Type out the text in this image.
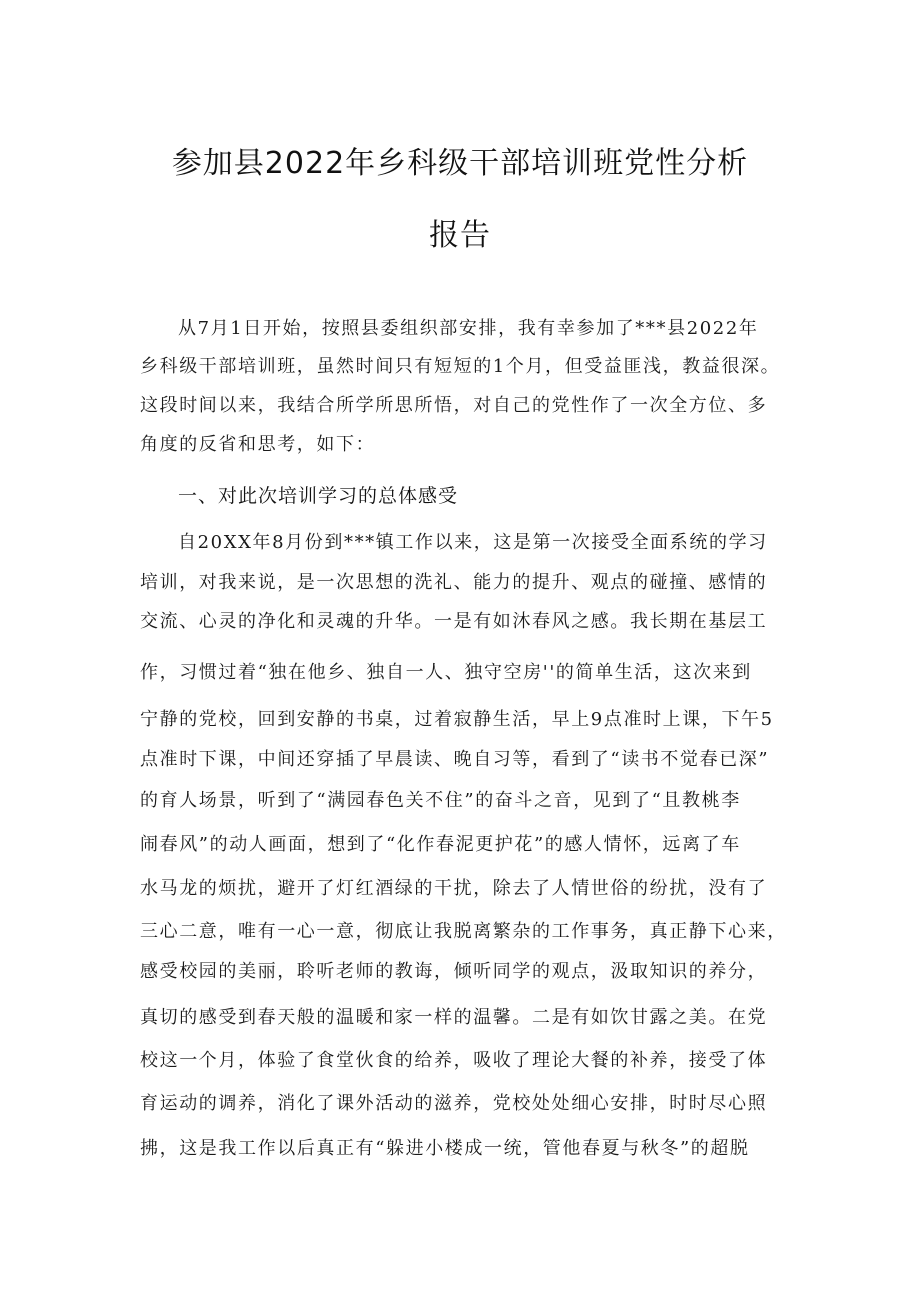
参加县2022年乡科级干部培训班党性分析
报告

从7月1日开始，按照县委组织部安排，我有幸参加了***县2022年

乡科级干部培训班，虽然时间只有短短的1个月，但受益匪浅，教益很深。

这段时间以来，我结合所学所思所悟，对自己的党性作了一次全方位、多

角度的反省和思考，如下：

一、对此次培训学习的总体感受

自20XX年8月份到***镇工作以来，这是第一次接受全面系统的学习

培训，对我来说，是一次思想的洗礼、能力的提升、观点的碰撞、感情的

交流、心灵的净化和灵魂的升华。一是有如沐春风之感。我长期在基层工

作，习惯过着“独在他乡、独自一人、独守空房''的简单生活，这次来到

宁静的党校，回到安静的书桌，过着寂静生活，早上9点准时上课，下午5

点准时下课，中间还穿插了早晨读、晚自习等，看到了“读书不觉春已深”

的育人场景，听到了“满园春色关不住”的奋斗之音，见到了“且教桃李

闹春风”的动人画面，想到了“化作春泥更护花”的感人情怀，远离了车

水马龙的烦扰，避开了灯红酒绿的干扰，除去了人情世俗的纷扰，没有了

三心二意，唯有一心一意，彻底让我脱离繁杂的工作事务，真正静下心来，

感受校园的美丽，聆听老师的教诲，倾听同学的观点，汲取知识的养分，

真切的感受到春天般的温暖和家一样的温馨。二是有如饮甘露之美。在党

校这一个月，体验了食堂伙食的给养，吸收了理论大餐的补养，接受了体

育运动的调养，消化了课外活动的滋养，党校处处细心安排，时时尽心照

拂，这是我工作以后真正有“躲进小楼成一统，管他春夏与秋冬”的超脱
